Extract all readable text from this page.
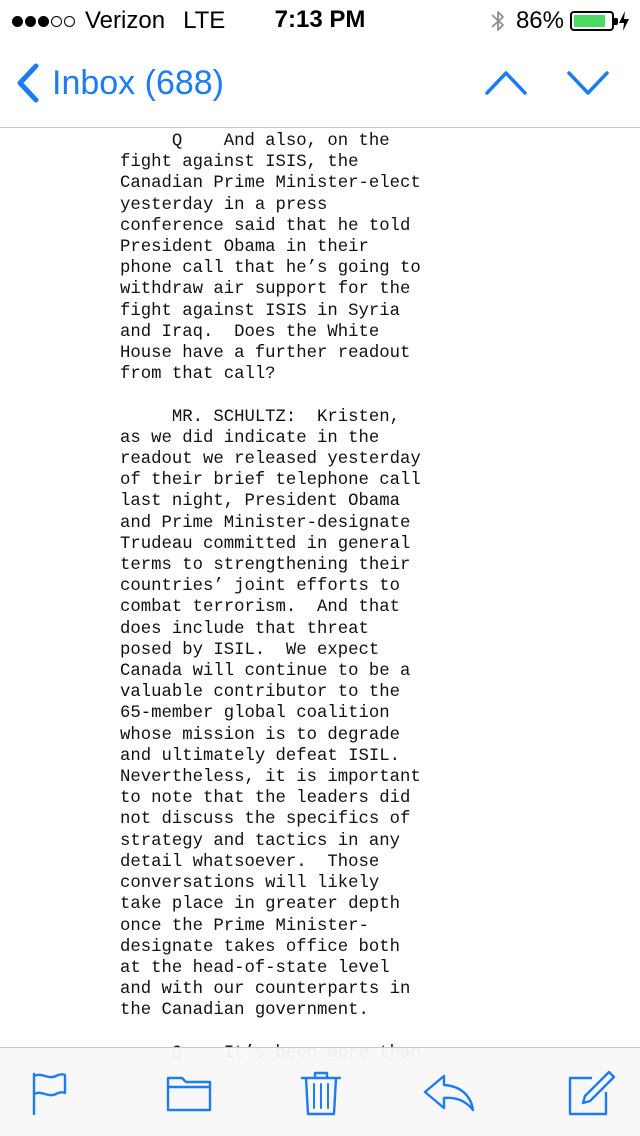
Verizon LTE	7:13 PM	86%
Inbox (688)
Q    And also, on the
fight against ISIS, the
Canadian Prime Minister-elect
yesterday in a press
conference said that he told
President Obama in their
phone call that he’s going to
withdraw air support for the
fight against ISIS in Syria
and Iraq.  Does the White
House have a further readout
from that call?
MR. SCHULTZ:  Kristen,
as we did indicate in the
readout we released yesterday
of their brief telephone call
last night, President Obama
and Prime Minister-designate
Trudeau committed in general
terms to strengthening their
countries’ joint efforts to
combat terrorism.  And that
does include that threat
posed by ISIL.  We expect
Canada will continue to be a
valuable contributor to the
65-member global coalition
whose mission is to degrade
and ultimately defeat ISIL.
Nevertheless, it is important
to note that the leaders did
not discuss the specifics of
strategy and tactics in any
detail whatsoever.  Those
conversations will likely
take place in greater depth
once the Prime Minister-
designate takes office both
at the head-of-state level
and with our counterparts in
the Canadian government.
